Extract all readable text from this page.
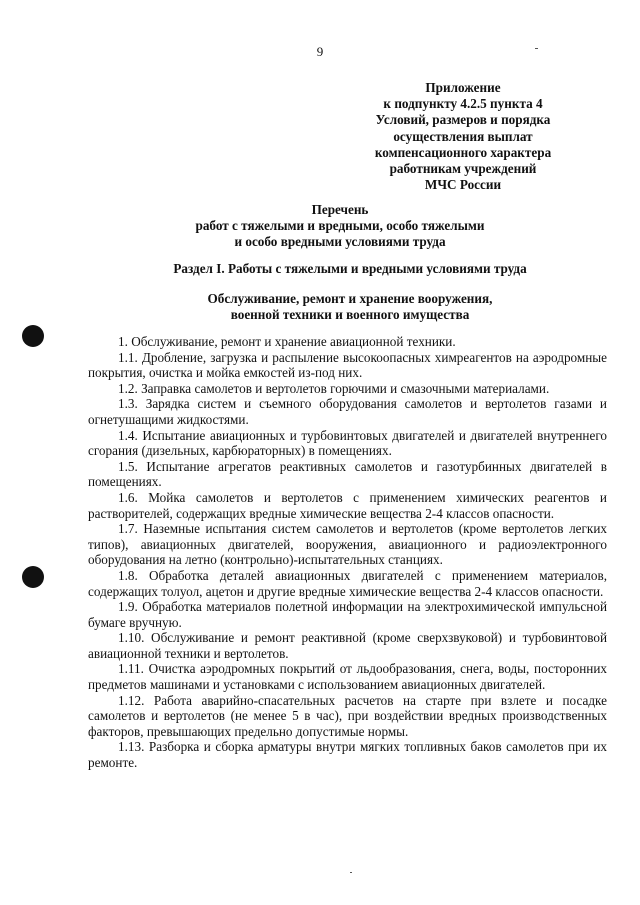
9
Приложение
к подпункту 4.2.5 пункта 4
Условий, размеров и порядка
осуществления выплат
компенсационного характера
работникам учреждений
МЧС России
Перечень
работ с тяжелыми и вредными, особо тяжелыми
и особо вредными условиями труда
Раздел I. Работы с тяжелыми и вредными условиями труда
Обслуживание, ремонт и хранение вооружения,
военной техники и военного имущества

1. Обслуживание, ремонт и хранение авиационной техники.

1.1. Дробление, загрузка и распыление высокоопасных химреагентов на аэродромные покрытия, очистка и мойка емкостей из-под них.

1.2. Заправка самолетов и вертолетов горючими и смазочными материалами.

1.3. Зарядка систем и съемного оборудования самолетов и вертолетов газами и огнетушащими жидкостями.

1.4. Испытание авиационных и турбовинтовых двигателей и двигателей внутреннего сгорания (дизельных, карбюраторных) в помещениях.

1.5. Испытание агрегатов реактивных самолетов и газотурбинных двигателей в помещениях.

1.6. Мойка самолетов и вертолетов с применением химических реагентов и растворителей, содержащих вредные химические вещества 2-4 классов опасности.

1.7. Наземные испытания систем самолетов и вертолетов (кроме вертолетов легких типов), авиационных двигателей, вооружения, авиационного и радиоэлектронного оборудования на летно (контрольно)-испытательных станциях.

1.8. Обработка деталей авиационных двигателей с применением материалов, содержащих толуол, ацетон и другие вредные химические вещества 2-4 классов опасности.

1.9. Обработка материалов полетной информации на электрохимической импульсной бумаге вручную.

1.10. Обслуживание и ремонт реактивной (кроме сверхзвуковой) и турбовинтовой авиационной техники и вертолетов.

1.11. Очистка аэродромных покрытий от льдообразования, снега, воды, посторонних предметов машинами и установками с использованием авиационных двигателей.

1.12. Работа аварийно-спасательных расчетов на старте при взлете и посадке самолетов и вертолетов (не менее 5 в час), при воздействии вредных производственных факторов, превышающих предельно допустимые нормы.

1.13. Разборка и сборка арматуры внутри мягких топливных баков самолетов при их ремонте.
